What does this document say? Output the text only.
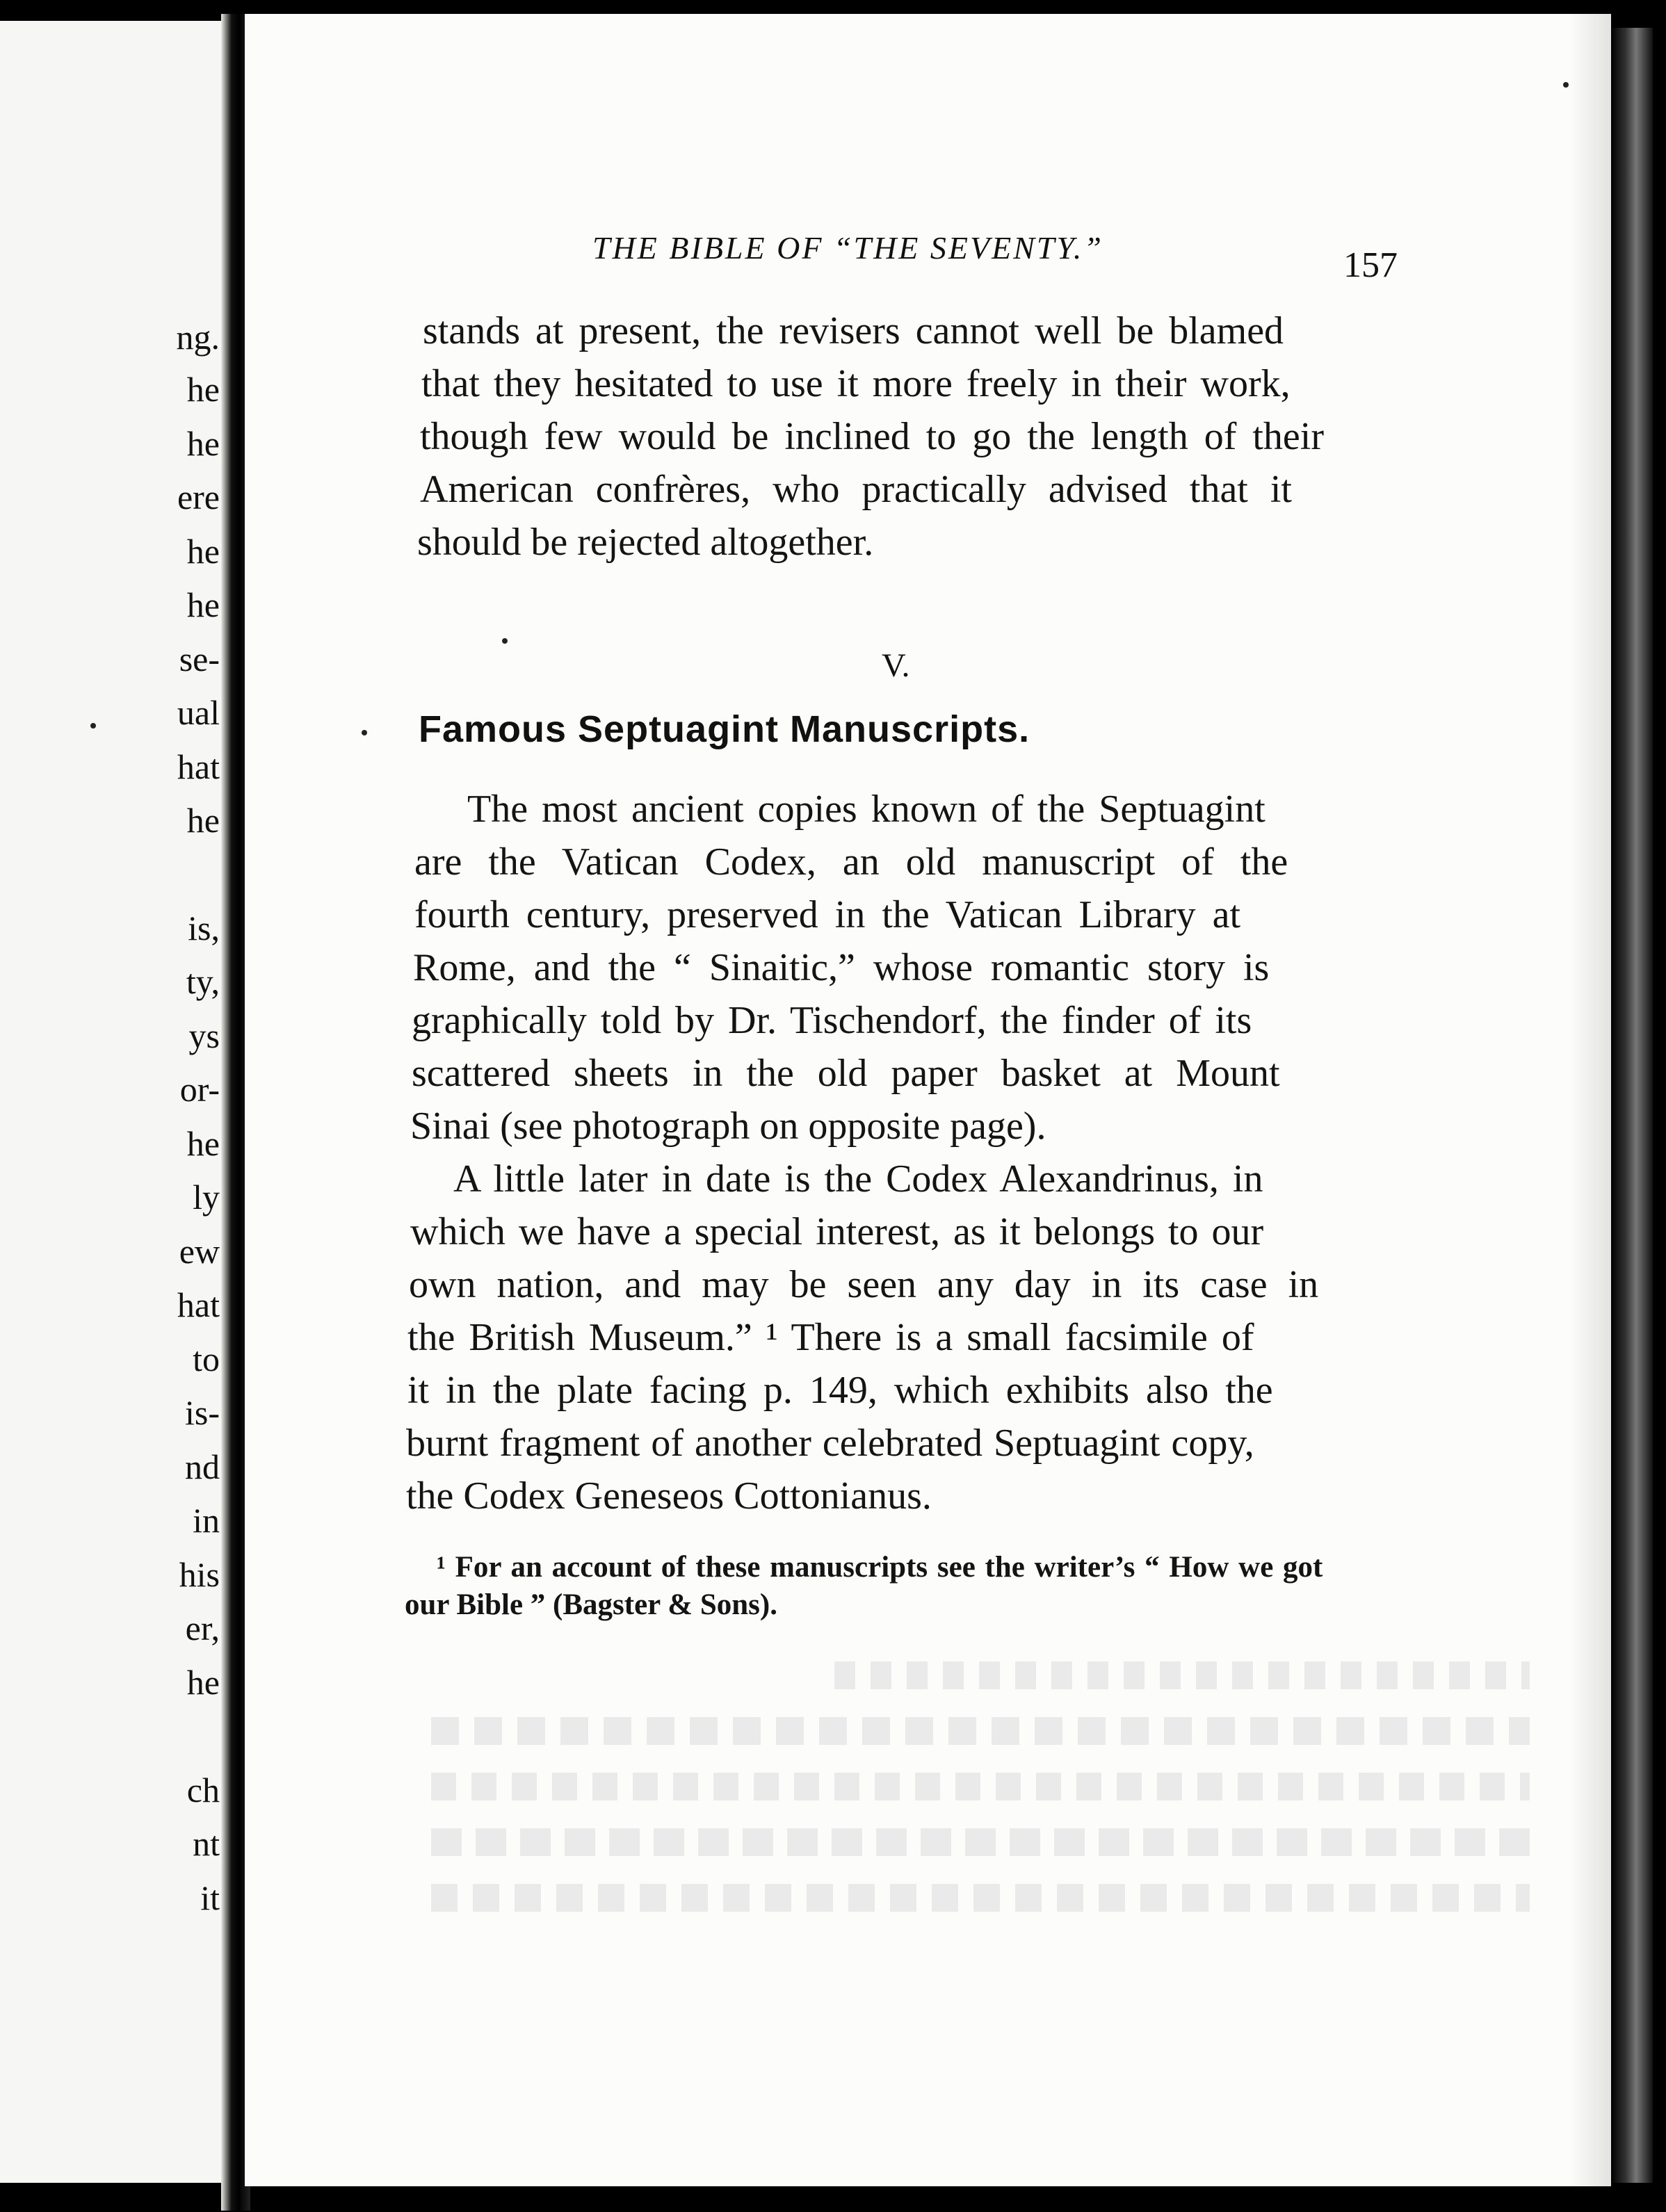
ng.
he
he
ere
he
he
se-
ual
hat
he
is,
ty,
ys
or-
he
ly
ew
hat
to
is-
nd
in
his
er,
he
ch
nt
it
THE BIBLE OF “THE SEVENTY.”	157
stands at present, the revisers cannot well be blamed
that they hesitated to use it more freely in their work,
though few would be inclined to go the length of their
American confrères, who practically advised that it
should be rejected altogether.
V.
Famous Septuagint Manuscripts.
The most ancient copies known of the Septuagint
are the Vatican Codex, an old manuscript of the
fourth century, preserved in the Vatican Library at
Rome, and the “ Sinaitic,” whose romantic story is
graphically told by Dr. Tischendorf, the finder of its
scattered sheets in the old paper basket at Mount
Sinai (see photograph on opposite page).
A little later in date is the Codex Alexandrinus, in
which we have a special interest, as it belongs to our
own nation, and may be seen any day in its case in
the British Museum.” ¹ There is a small facsimile of
it in the plate facing p. 149, which exhibits also the
burnt fragment of another celebrated Septuagint copy,
the Codex Geneseos Cottonianus.
¹ For an account of these manuscripts see the writer’s “ How we got
our Bible ” (Bagster & Sons).
